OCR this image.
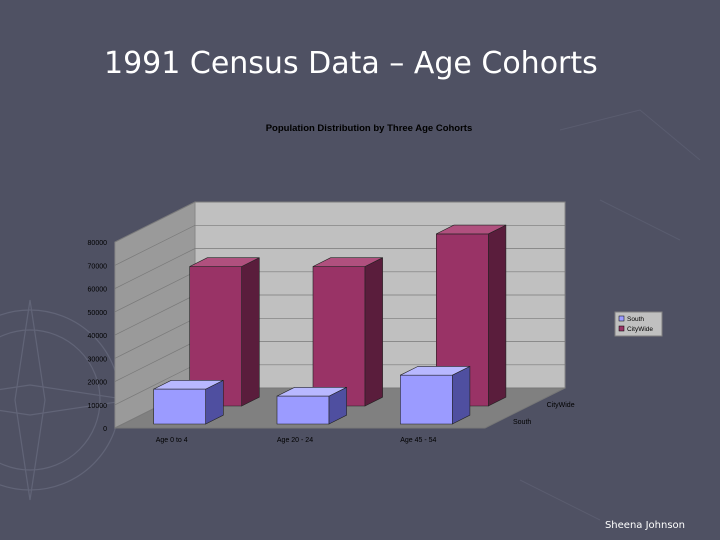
1991 Census Data – Age Cohorts
Population Distribution by Three Age Cohorts
0
10000
20000
30000
40000
50000
60000
70000
80000
Age 0 to 4	Age 20 - 24	Age 45 - 54
South
CityWide
South
CityWide
Sheena Johnson
